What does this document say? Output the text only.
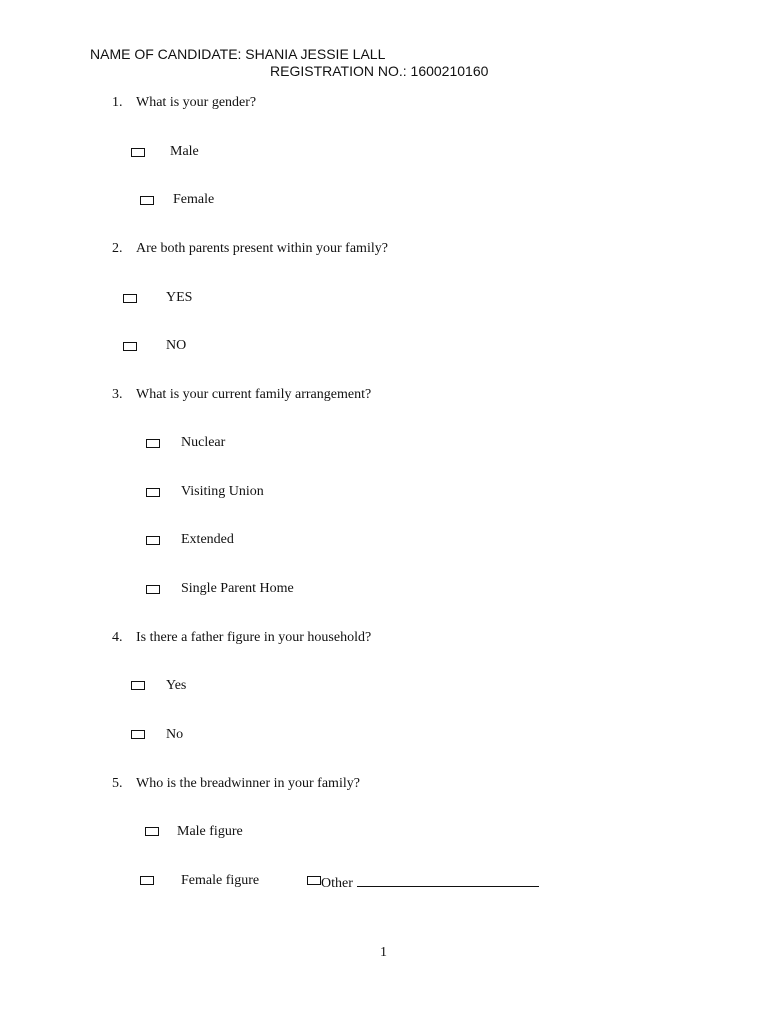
NAME OF CANDIDATE: SHANIA JESSIE LALL
REGISTRATION NO.: 1600210160
1. What is your gender?
Male
Female
2. Are both parents present within your family?
YES
NO
3. What is your current family arrangement?
Nuclear
Visiting Union
Extended
Single Parent Home
4. Is there a father figure in your household?
Yes
No
5. Who is the breadwinner in your family?
Male figure
Female figure	Other
1
